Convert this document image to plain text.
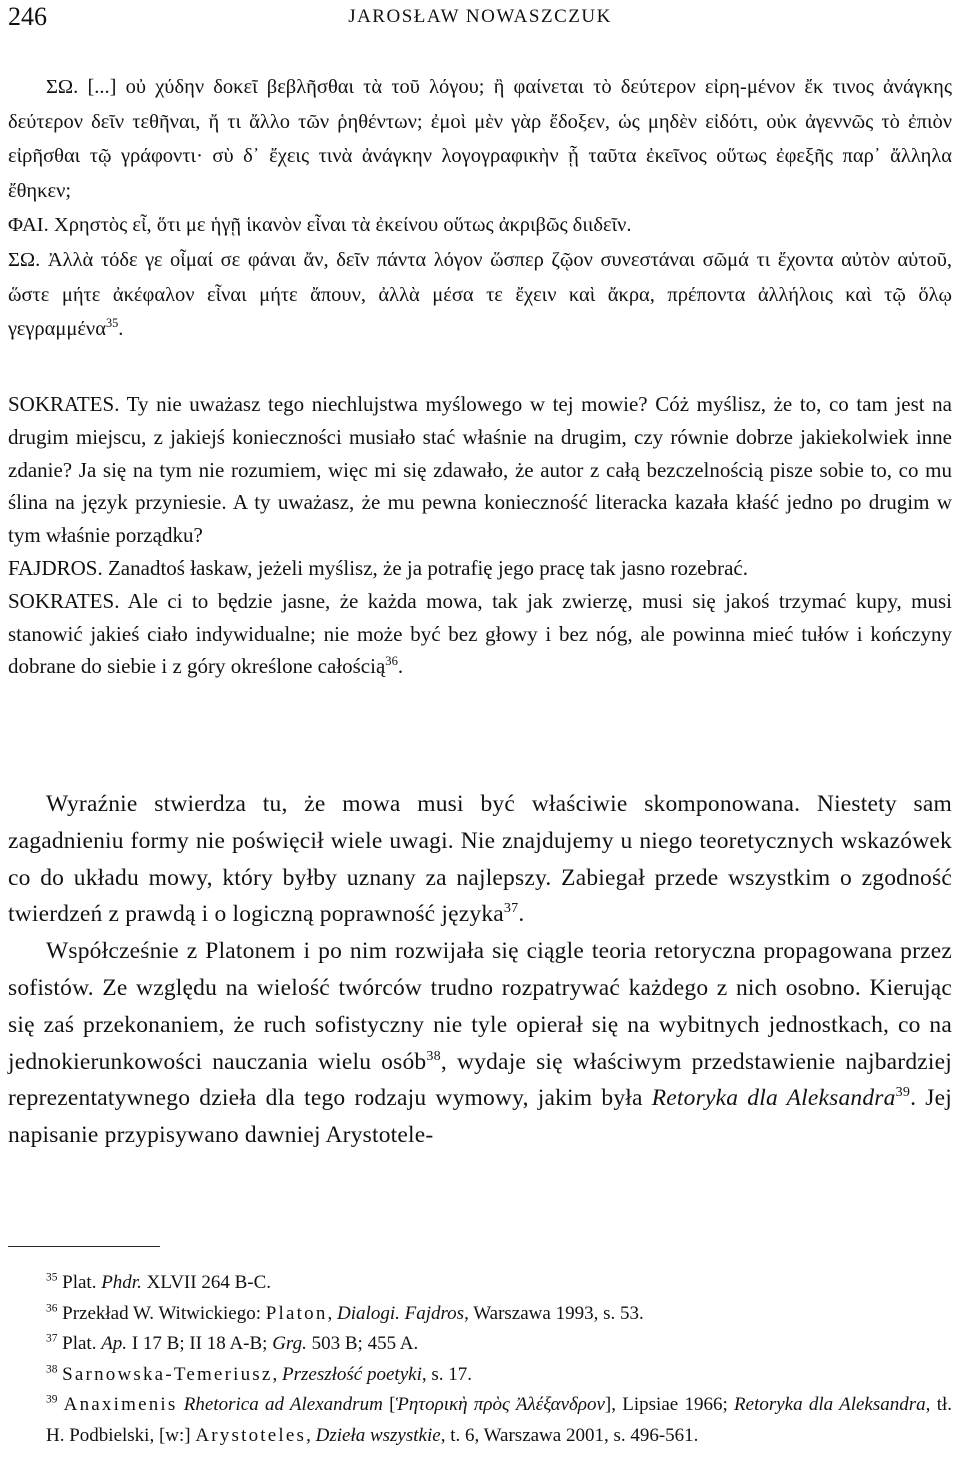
246	JAROSŁAW NOWASZCZUK

ΣΩ. [...] οὐ χύδην δοκεῖ βεβλῆσθαι τὰ τοῦ λόγου; ἢ φαίνεται τὸ δεύτερον εἰρη-μένον ἔκ τινος ἀνάγκης δεύτερον δεῖν τεθῆναι, ἤ τι ἄλλο τῶν ῥηθέντων; ἐμοὶ μὲν γὰρ ἔδοξεν, ὡς μηδὲν εἰδότι, οὐκ ἀγεννῶς τὸ ἐπιὸν εἰρῆσθαι τῷ γράφοντι· σὺ δ᾽ ἔχεις τινὰ ἀνάγκην λογογραφικὴν ᾗ ταῦτα ἐκεῖνος οὕτως ἐφεξῆς παρ᾽ ἄλληλα ἔθηκεν;

ΦΑΙ. Χρηστὸς εἶ, ὅτι με ἡγῇ ἱκανὸν εἶναι τὰ ἐκείνου οὕτως ἀκριβῶς διιδεῖν.

ΣΩ. Ἀλλὰ τόδε γε οἶμαί σε φάναι ἄν, δεῖν πάντα λόγον ὥσπερ ζῷον συνεστάναι σῶμά τι ἔχοντα αὐτὸν αὑτοῦ, ὥστε μήτε ἀκέφαλον εἶναι μήτε ἄπουν, ἀλλὰ μέσα τε ἔχειν καὶ ἄκρα, πρέποντα ἀλλήλοις καὶ τῷ ὅλῳ γεγραμμένα$^{35}$.

SOKRATES. Ty nie uważasz tego niechlujstwa myślowego w tej mowie? Cóż myślisz, że to, co tam jest na drugim miejscu, z jakiejś konieczności musiało stać właśnie na drugim, czy równie dobrze jakiekolwiek inne zdanie? Ja się na tym nie rozumiem, więc mi się zdawało, że autor z całą bezczelnością pisze sobie to, co mu ślina na język przyniesie. A ty uważasz, że mu pewna konieczność literacka kazała kłaść jedno po drugim w tym właśnie porządku?

FAJDROS. Zanadtoś łaskaw, jeżeli myślisz, że ja potrafię jego pracę tak jasno rozebrać.

SOKRATES. Ale ci to będzie jasne, że każda mowa, tak jak zwierzę, musi się jakoś trzymać kupy, musi stanowić jakieś ciało indywidualne; nie może być bez głowy i bez nóg, ale powinna mieć tułów i kończyny dobrane do siebie i z góry określone całością$^{36}$.

Wyraźnie stwierdza tu, że mowa musi być właściwie skomponowana. Niestety sam zagadnieniu formy nie poświęcił wiele uwagi. Nie znajdujemy u niego teoretycznych wskazówek co do układu mowy, który byłby uznany za najlepszy. Zabiegał przede wszystkim o zgodność twierdzeń z prawdą i o logiczną poprawność języka$^{37}$.

Współcześnie z Platonem i po nim rozwijała się ciągle teoria retoryczna propagowana przez sofistów. Ze względu na wielość twórców trudno rozpatrywać każdego z nich osobno. Kierując się zaś przekonaniem, że ruch sofistyczny nie tyle opierał się na wybitnych jednostkach, co na jednokierunkowości nauczania wielu osób$^{38}$, wydaje się właściwym przedstawienie najbardziej reprezentatywnego dzieła dla tego rodzaju wymowy, jakim była Retoryka dla Aleksandra$^{39}$. Jej napisanie przypisywano dawniej Arystotele-

$^{35}$ Plat. Phdr. XLVII 264 B-C.
$^{36}$ Przekład W. Witwickiego: Platon, Dialogi. Fajdros, Warszawa 1993, s. 53.
$^{37}$ Plat. Ap. I 17 B; II 18 A-B; Grg. 503 B; 455 A.
$^{38}$ Sarnowska-Temeriusz, Przeszłość poetyki, s. 17.
$^{39}$ Anaximenis Rhetorica ad Alexandrum [Ῥητορικὴ πρὸς Ἀλέξανδρον], Lipsiae 1966; Retoryka dla Aleksandra, tł. H. Podbielski, [w:] Arystoteles, Dzieła wszystkie, t. 6, Warszawa 2001, s. 496-561.
